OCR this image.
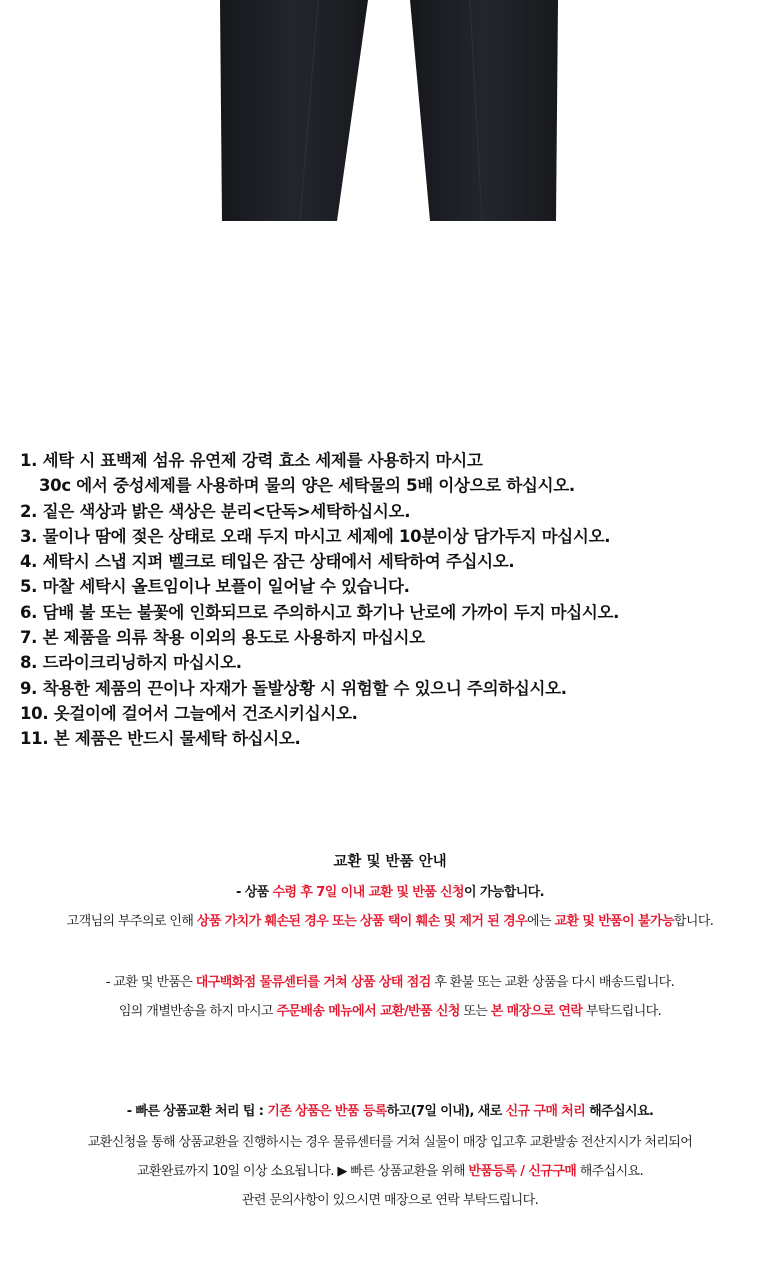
1. 세탁 시 표백제 섬유 유연제 강력 효소 세제를 사용하지 마시고
30c 에서 중성세제를 사용하며 물의 양은 세탁물의 5배 이상으로 하십시오.
2. 짙은 색상과 밝은 색상은 분리<단독>세탁하십시오.
3. 물이나 땀에 젖은 상태로 오래 두지 마시고 세제에 10분이상 담가두지 마십시오.
4. 세탁시 스냅 지퍼 벨크로 테입은 잠근 상태에서 세탁하여 주십시오.
5. 마찰 세탁시 올트임이나 보플이 일어날 수 있습니다.
6. 담배 불 또는 불꽃에 인화되므로 주의하시고 화기나 난로에 가까이 두지 마십시오.
7. 본 제품을 의류 착용 이외의 용도로 사용하지 마십시오
8. 드라이크리닝하지 마십시오.
9. 착용한 제품의 끈이나 자재가 돌발상황 시 위험할 수 있으니 주의하십시오.
10. 옷걸이에 걸어서 그늘에서 건조시키십시오.
11. 본 제품은 반드시 물세탁 하십시오.
교환 및 반품 안내
- 상품 수령 후 7일 이내 교환 및 반품 신청이 가능합니다.
고객님의 부주의로 인해 상품 가치가 훼손된 경우 또는 상품 택이 훼손 및 제거 된 경우에는 교환 및 반품이 불가능합니다.
- 교환 및 반품은 대구백화점 물류센터를 거쳐 상품 상태 점검 후 환불 또는 교환 상품을 다시 배송드립니다.
임의 개별반송을 하지 마시고 주문배송 메뉴에서 교환/반품 신청 또는 본 매장으로 연락 부탁드립니다.
- 빠른 상품교환 처리 팁 : 기존 상품은 반품 등록하고(7일 이내), 새로 신규 구매 처리 해주십시요.
교환신청을 통해 상품교환을 진행하시는 경우 물류센터를 거쳐 실물이 매장 입고후 교환발송 전산지시가 처리되어
교환완료까지 10일 이상 소요됩니다. ▶ 빠른 상품교환을 위해 반품등록 / 신규구매 해주십시요.
관련 문의사항이 있으시면 매장으로 연락 부탁드립니다.
